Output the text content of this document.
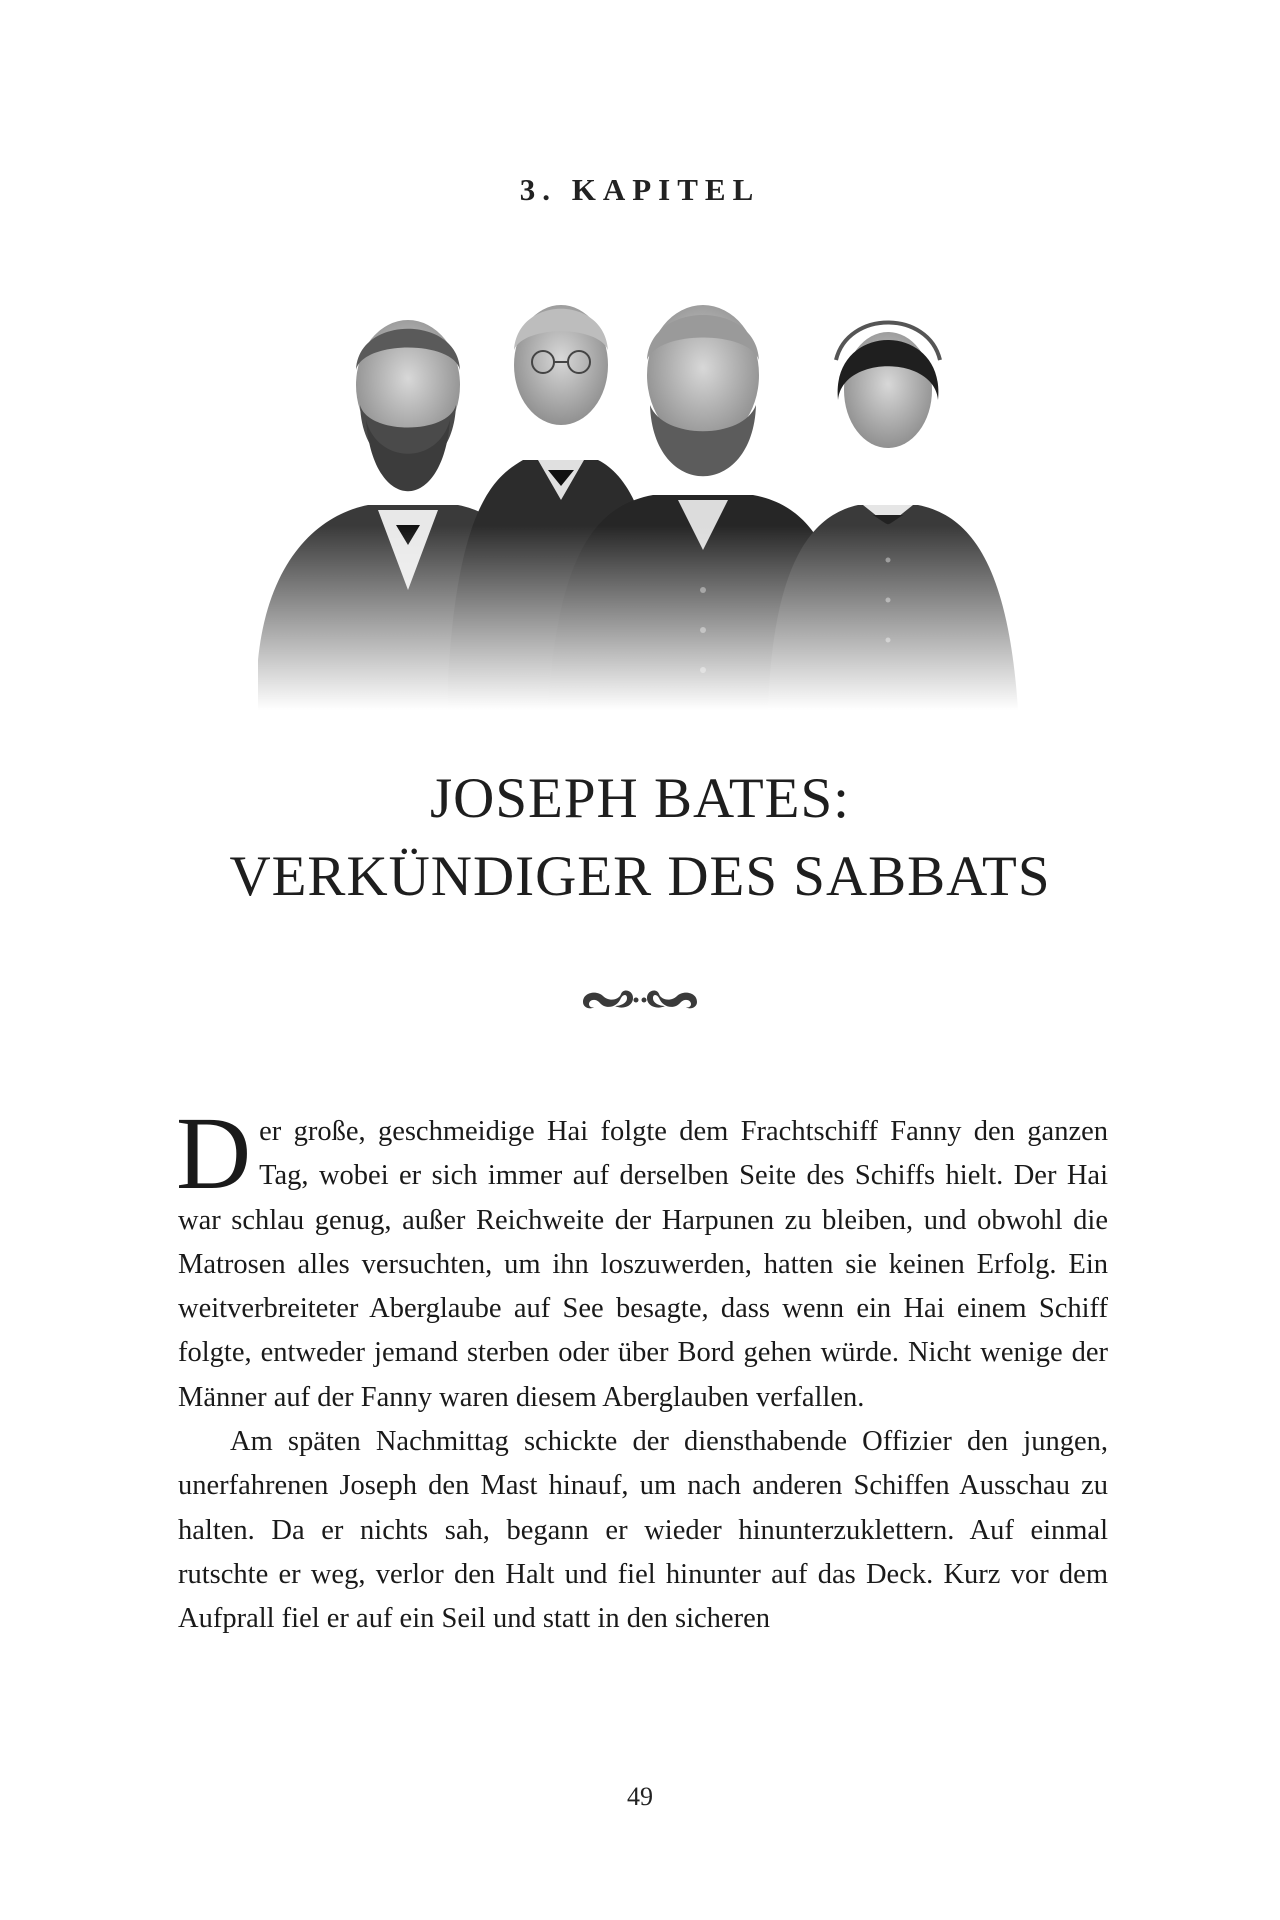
3. KAPITEL
JOSEPH BATES:
VERKÜNDIGER DES SABBATS

Der große, geschmeidige Hai folgte dem Frachtschiff Fanny den ganzen Tag, wobei er sich immer auf derselben Seite des Schiffs hielt. Der Hai war schlau genug, außer Reichweite der Harpunen zu bleiben, und obwohl die Matrosen alles versuchten, um ihn loszuwerden, hatten sie keinen Erfolg. Ein weitverbreiteter Aberglaube auf See besagte, dass wenn ein Hai einem Schiff folgte, entweder jemand sterben oder über Bord gehen würde. Nicht wenige der Männer auf der Fanny waren diesem Aberglauben verfallen.

Am späten Nachmittag schickte der diensthabende Offizier den jungen, unerfahrenen Joseph den Mast hinauf, um nach anderen Schiffen Ausschau zu halten. Da er nichts sah, begann er wieder hinunterzuklettern. Auf einmal rutschte er weg, verlor den Halt und fiel hinunter auf das Deck. Kurz vor dem Aufprall fiel er auf ein Seil und statt in den sicheren

49
